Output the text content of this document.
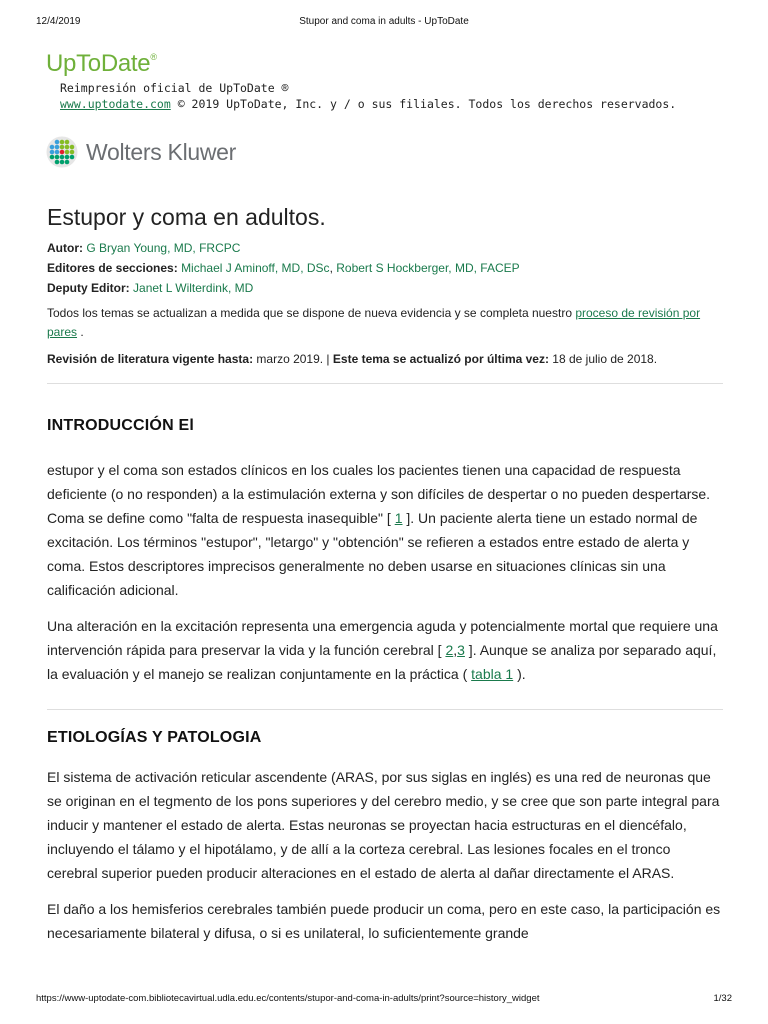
12/4/2019	Stupor and coma in adults - UpToDate
UpToDate®
Reimpresión oficial de UpToDate ®
www.uptodate.com © 2019 UpToDate, Inc. y / o sus filiales. Todos los derechos reservados.
Wolters Kluwer
Estupor y coma en adultos.
Autor: G Bryan Young, MD, FRCPC
Editores de secciones: Michael J Aminoff, MD, DSc, Robert S Hockberger, MD, FACEP
Deputy Editor: Janet L Wilterdink, MD
Todos los temas se actualizan a medida que se dispone de nueva evidencia y se completa nuestro proceso de revisión por pares .
Revisión de literatura vigente hasta: marzo 2019. | Este tema se actualizó por última vez: 18 de julio de 2018.
INTRODUCCIÓN El

estupor y el coma son estados clínicos en los cuales los pacientes tienen una capacidad de respuesta deficiente (o no responden) a la estimulación externa y son difíciles de despertar o no pueden despertarse. Coma se define como "falta de respuesta inasequible" [ 1 ]. Un paciente alerta tiene un estado normal de excitación. Los términos "estupor", "letargo" y "obtención" se refieren a estados entre estado de alerta y coma. Estos descriptores imprecisos generalmente no deben usarse en situaciones clínicas sin una calificación adicional.

Una alteración en la excitación representa una emergencia aguda y potencialmente mortal que requiere una intervención rápida para preservar la vida y la función cerebral [ 2,3 ]. Aunque se analiza por separado aquí, la evaluación y el manejo se realizan conjuntamente en la práctica ( tabla 1 ).

ETIOLOGÍAS Y PATOLOGIA

El sistema de activación reticular ascendente (ARAS, por sus siglas en inglés) es una red de neuronas que se originan en el tegmento de los pons superiores y del cerebro medio, y se cree que son parte integral para inducir y mantener el estado de alerta. Estas neuronas se proyectan hacia estructuras en el diencéfalo, incluyendo el tálamo y el hipotálamo, y de allí a la corteza cerebral. Las lesiones focales en el tronco cerebral superior pueden producir alteraciones en el estado de alerta al dañar directamente el ARAS.

El daño a los hemisferios cerebrales también puede producir un coma, pero en este caso, la participación es necesariamente bilateral y difusa, o si es unilateral, lo suficientemente grande

https://www-uptodate-com.bibliotecavirtual.udla.edu.ec/contents/stupor-and-coma-in-adults/print?source=history_widget	1/32
